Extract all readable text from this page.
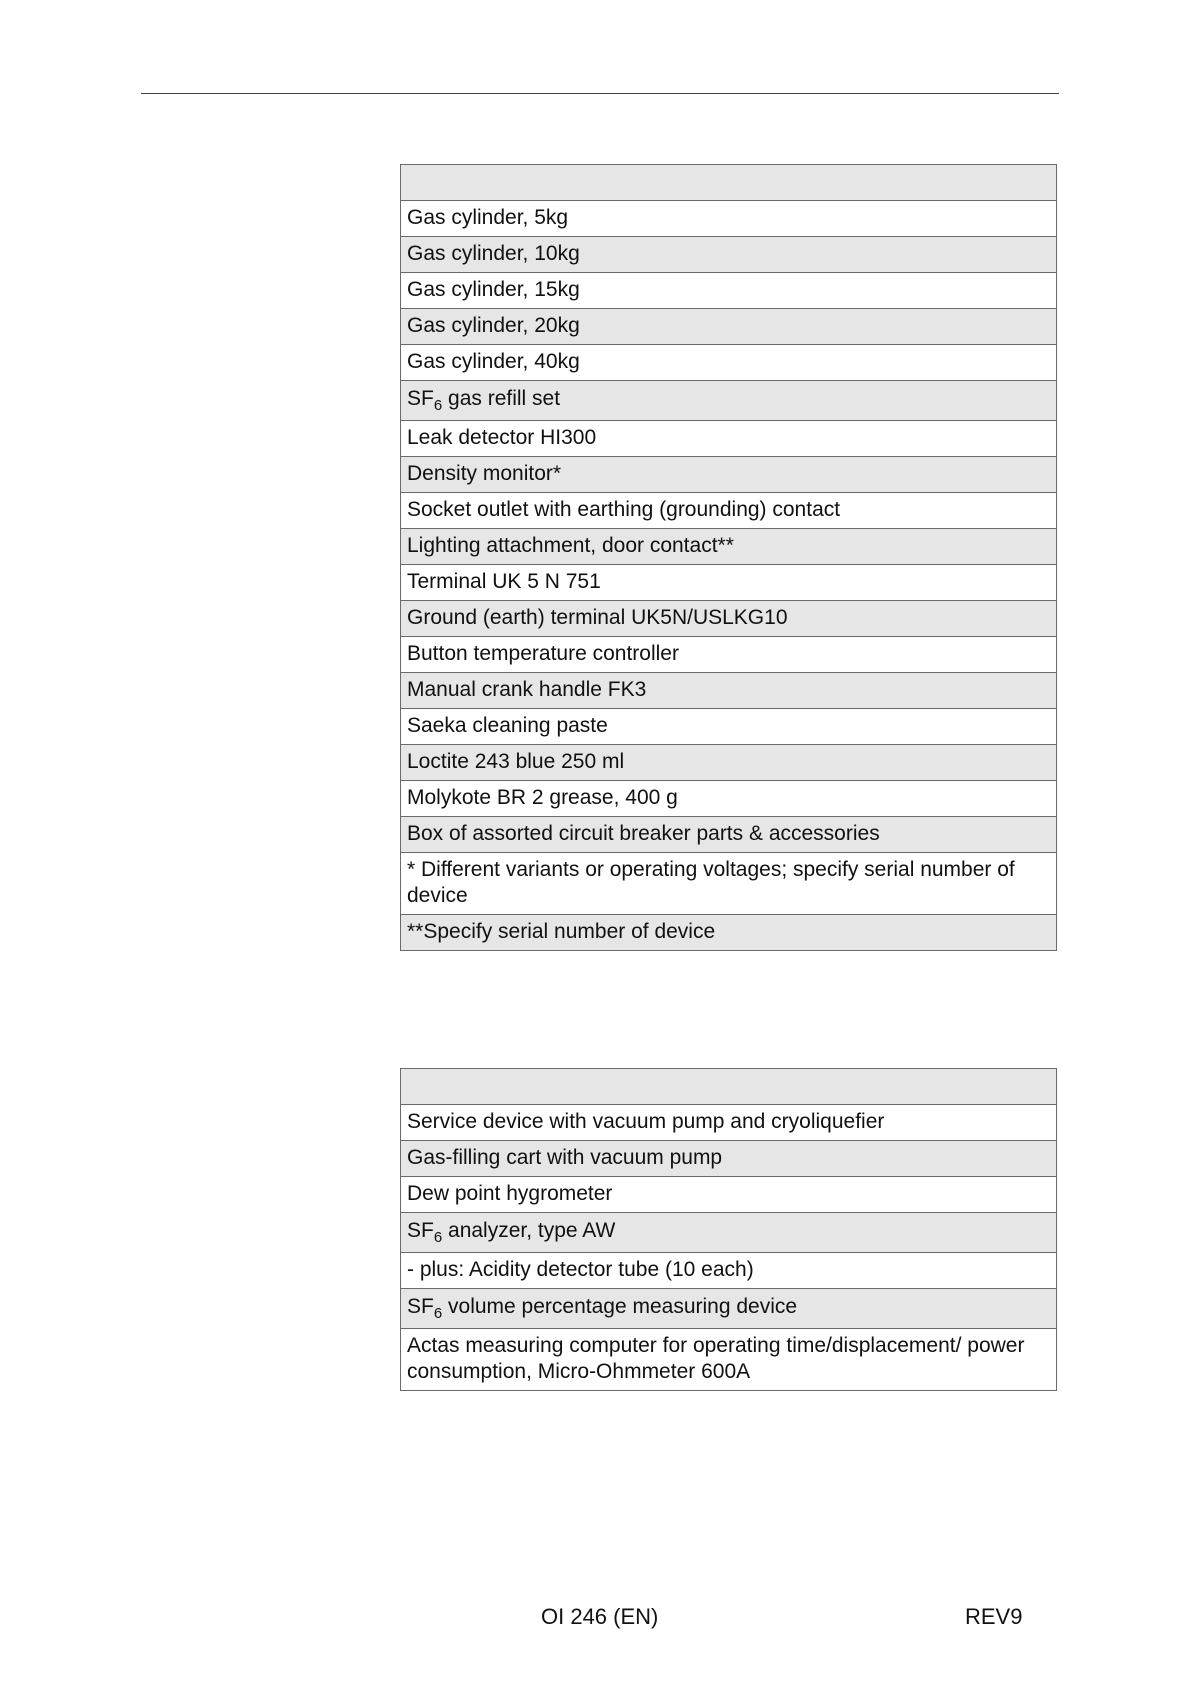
Gas cylinder, 5kg
Gas cylinder, 10kg
Gas cylinder, 15kg
Gas cylinder, 20kg
Gas cylinder, 40kg
$SF_6$ gas refill set
Leak detector HI300
Density monitor*
Socket outlet with earthing (grounding) contact
Lighting attachment, door contact**
Terminal UK 5 N 751
Ground (earth) terminal UK5N/USLKG10
Button temperature controller
Manual crank handle FK3
Saeka cleaning paste
Loctite 243 blue 250 ml
Molykote BR 2 grease, 400 g
Box of assorted circuit breaker parts & accessories
* Different variants or operating voltages; specify serial number of device
**Specify serial number of device

Service device with vacuum pump and cryoliquefier
Gas-filling cart with vacuum pump
Dew point hygrometer
$SF_6$ analyzer, type AW
- plus: Acidity detector tube (10 each)
$SF_6$ volume percentage measuring device
Actas measuring computer for operating time/displacement/ power consumption, Micro-Ohmmeter 600A
OI 246 (EN)	REV9
